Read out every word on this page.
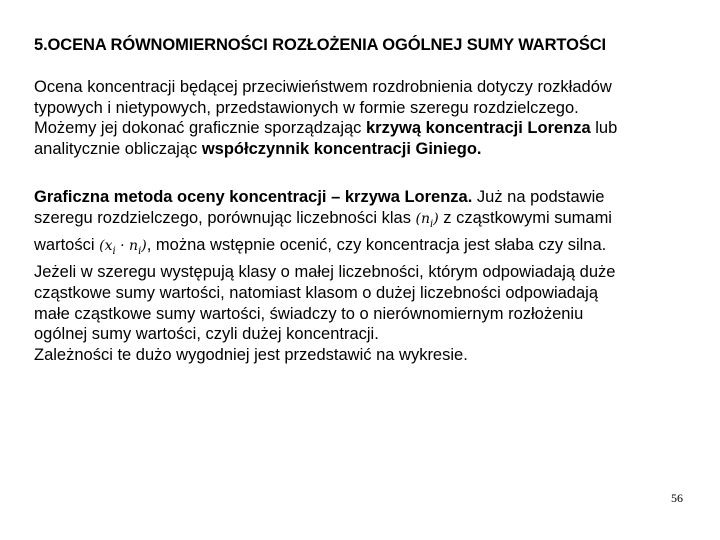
5.OCENA RÓWNOMIERNOŚCI ROZŁOŻENIA OGÓLNEJ SUMY WARTOŚCI
Ocena koncentracji będącej przeciwieństwem rozdrobnienia dotyczy rozkładów
typowych i nietypowych, przedstawionych w formie szeregu rozdzielczego.
Możemy jej dokonać graficznie sporządzając krzywą koncentracji Lorenza lub
analitycznie obliczając współczynnik koncentracji Giniego.
Graficzna metoda oceny koncentracji – krzywa Lorenza. Już na podstawie
szeregu rozdzielczego, porównując liczebności klas $(n_i)$ z cząstkowymi sumami
wartości $(x_i \cdot n_i)$, można wstępnie ocenić, czy koncentracja jest słaba czy silna.
Jeżeli w szeregu występują klasy o małej liczebności, którym odpowiadają duże
cząstkowe sumy wartości, natomiast klasom o dużej liczebności odpowiadają
małe cząstkowe sumy wartości, świadczy to o nierównomiernym rozłożeniu
ogólnej sumy wartości, czyli dużej koncentracji.
Zależności te dużo wygodniej jest przedstawić na wykresie.
56
